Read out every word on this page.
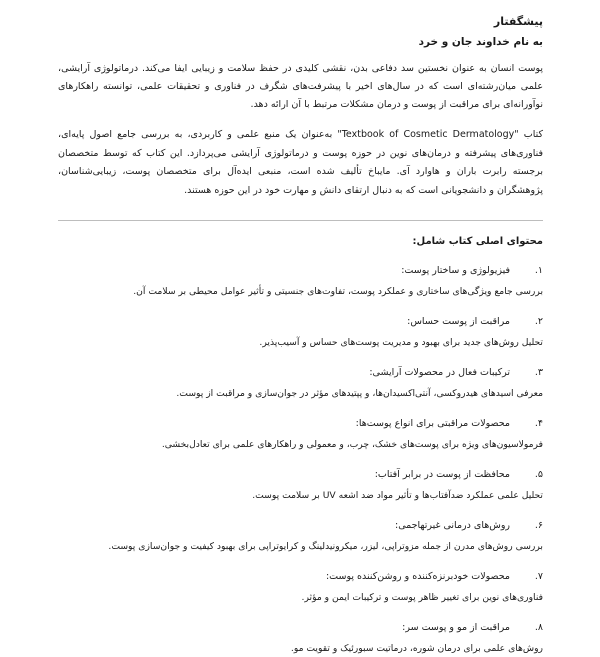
پیشگفتار
به نام خداوند جان و خرد

پوست انسان به عنوان نخستین سد دفاعی بدن، نقشی کلیدی در حفظ سلامت و زیبایی ایفا می‌کند. درماتولوژی آرایشی، علمی میان‌رشته‌ای است که در سال‌های اخیر با پیشرفت‌های شگرف در فناوری و تحقیقات علمی، توانسته راهکارهای نوآورانه‌ای برای مراقبت از پوست و درمان مشکلات مرتبط با آن ارائه دهد.

کتاب "Textbook of Cosmetic Dermatology" به‌عنوان یک منبع علمی و کاربردی، به بررسی جامع اصول پایه‌ای، فناوری‌های پیشرفته و درمان‌های نوین در حوزه پوست و درماتولوژی آرایشی می‌پردازد. این کتاب که توسط متخصصان برجسته رابرت باران و هاوارد آی. مایباخ تألیف شده است، منبعی ایده‌آل برای متخصصان پوست، زیبایی‌شناسان، پژوهشگران و دانشجویانی است که به دنبال ارتقای دانش و مهارت خود در این حوزه هستند.

محتوای اصلی کتاب شامل:
۱.
فیزیولوژی و ساختار پوست:
بررسی جامع ویژگی‌های ساختاری و عملکرد پوست، تفاوت‌های جنسیتی و تأثیر عوامل محیطی بر سلامت آن.
۲.
مراقبت از پوست حساس:
تحلیل روش‌های جدید برای بهبود و مدیریت پوست‌های حساس و آسیب‌پذیر.
۳.
ترکیبات فعال در محصولات آرایشی:
معرفی اسیدهای هیدروکسی، آنتی‌اکسیدان‌ها، و پپتیدهای مؤثر در جوان‌سازی و مراقبت از پوست.
۴.
محصولات مراقبتی برای انواع پوست‌ها:
فرمولاسیون‌های ویژه برای پوست‌های خشک، چرب، و معمولی و راهکارهای علمی برای تعادل‌بخشی.
۵.
محافظت از پوست در برابر آفتاب:
تحلیل علمی عملکرد ضدآفتاب‌ها و تأثیر مواد ضد اشعه UV بر سلامت پوست.
۶.
روش‌های درمانی غیرتهاجمی:
بررسی روش‌های مدرن از جمله مزوتراپی، لیزر، میکرونیدلینگ و کرایوتراپی برای بهبود کیفیت و جوان‌سازی پوست.
۷.
محصولات خودبرنزه‌کننده و روشن‌کننده پوست:
فناوری‌های نوین برای تغییر ظاهر پوست و ترکیبات ایمن و مؤثر.
۸.
مراقبت از مو و پوست سر:
روش‌های علمی برای درمان شوره، درماتیت سبورئیک و تقویت مو.
